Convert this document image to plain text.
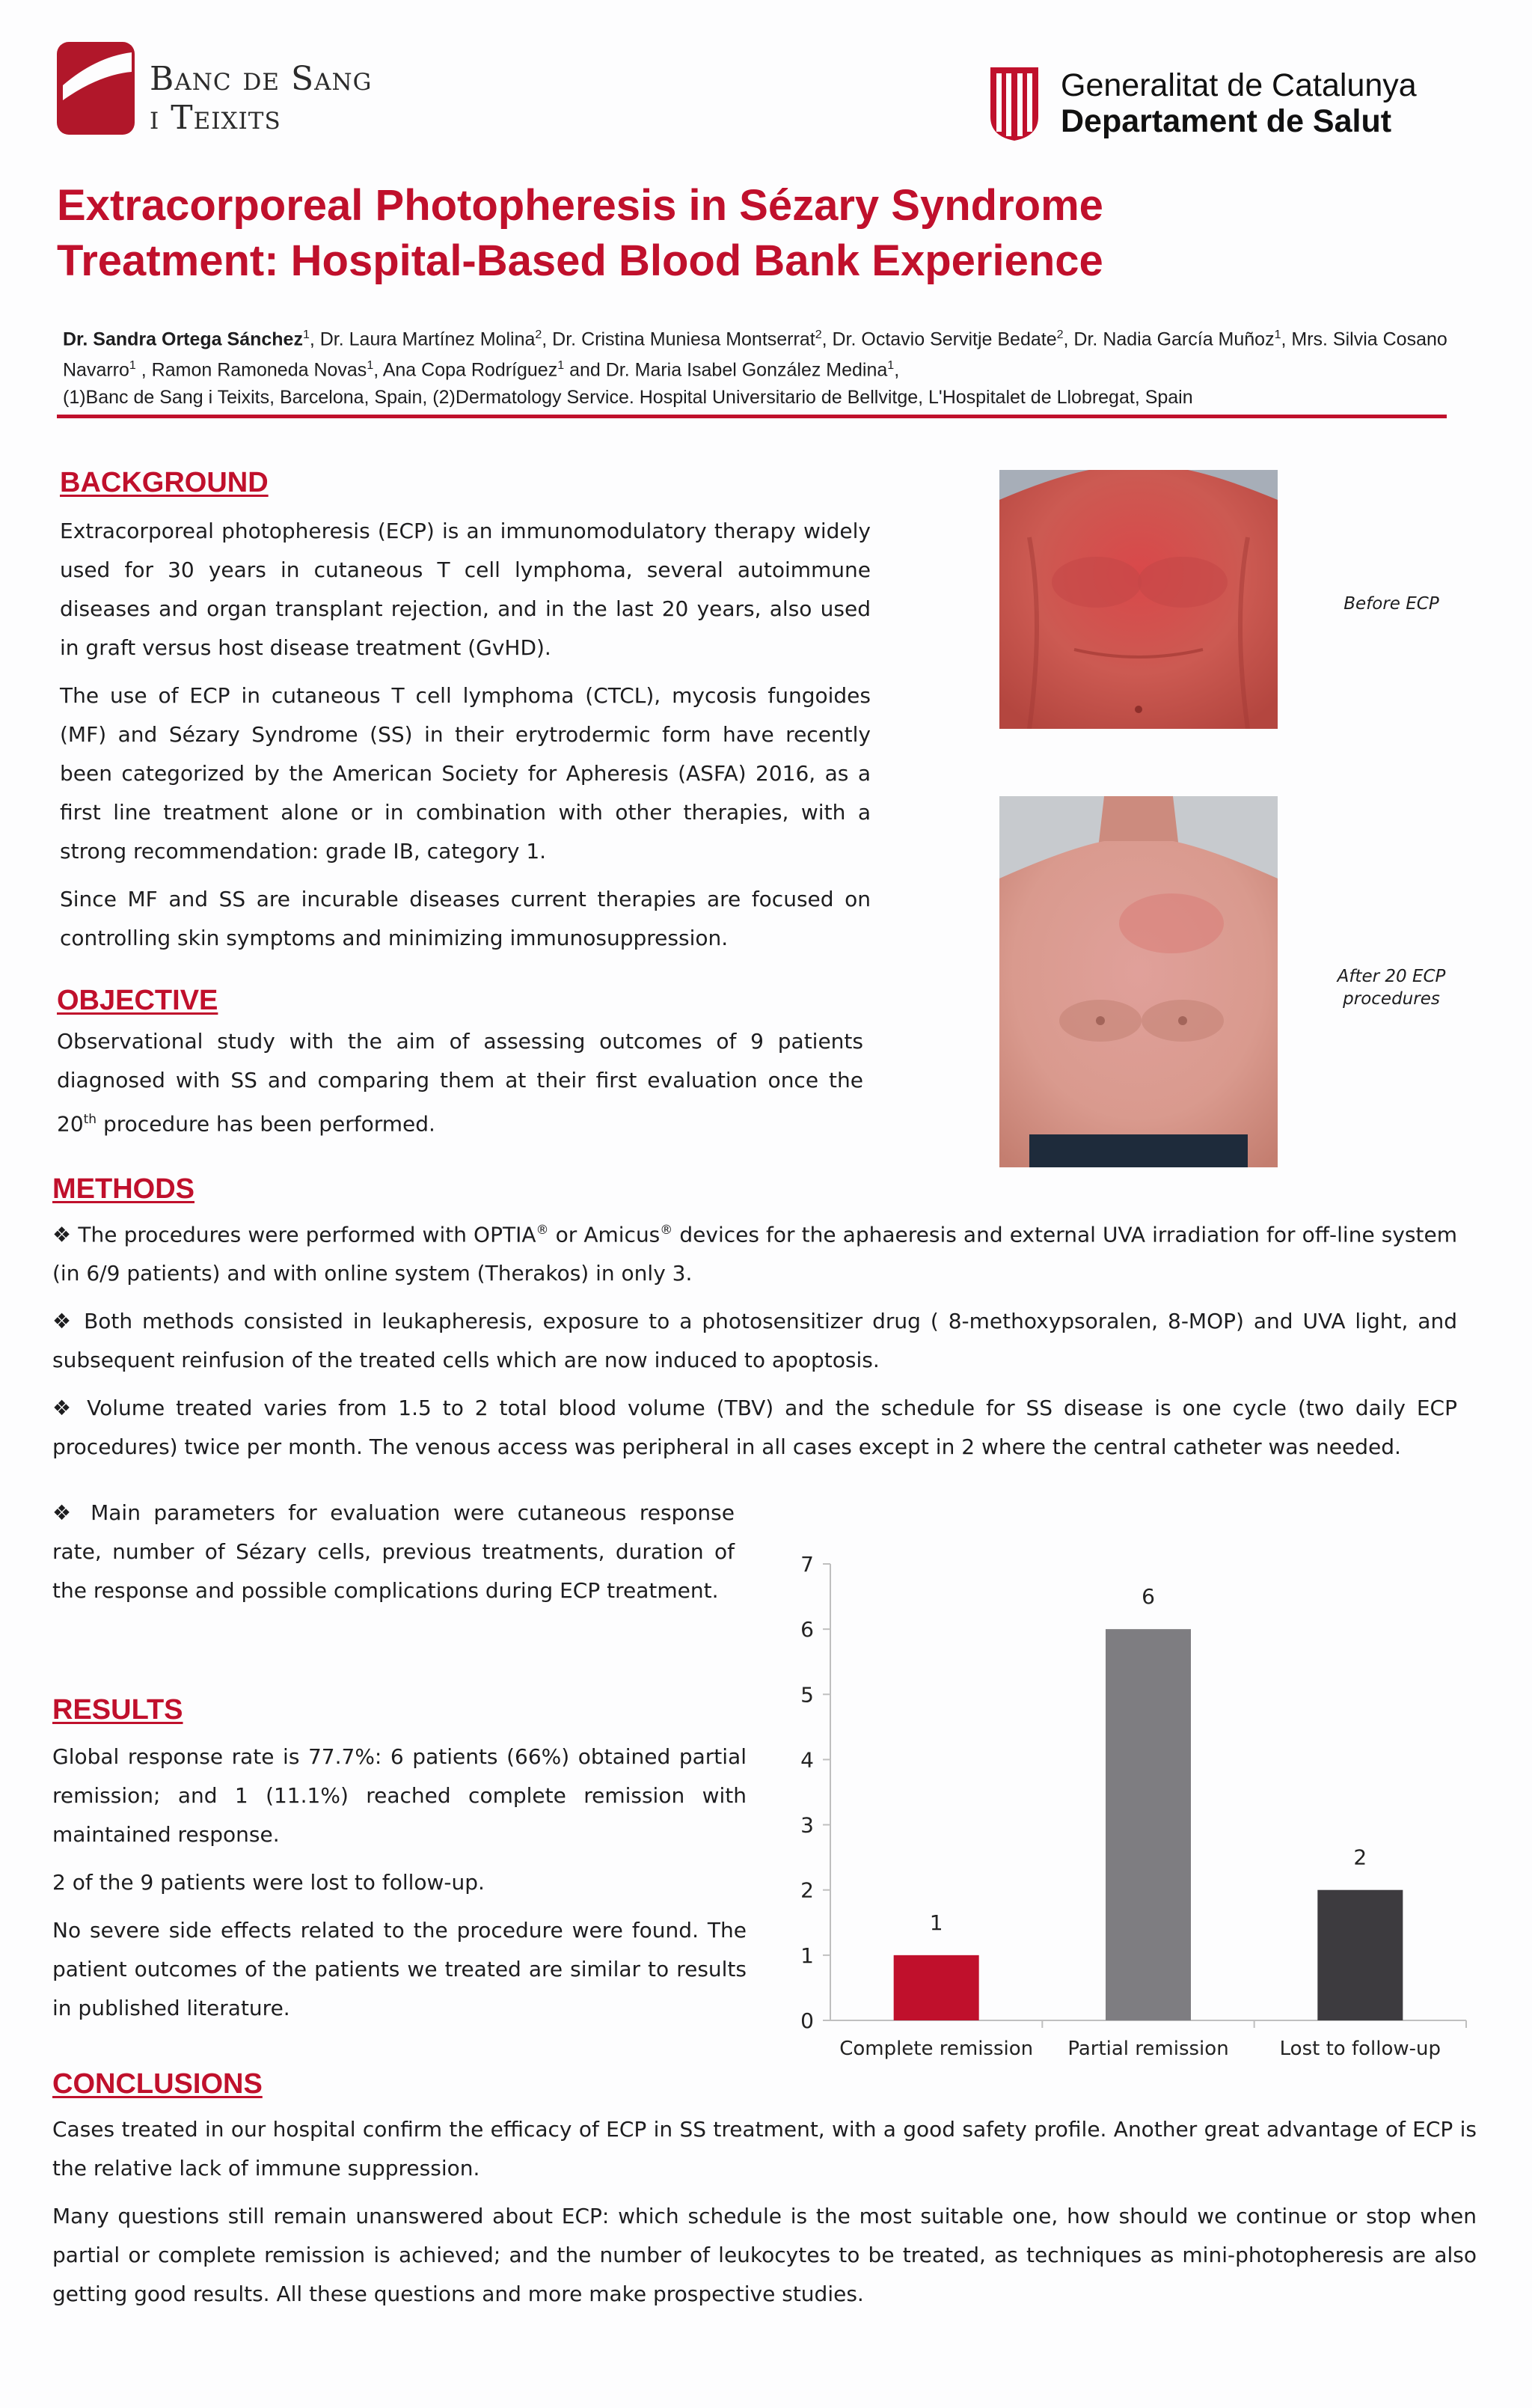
Banc de Sang
i Teixits
Generalitat de Catalunya
Departament de Salut
Extracorporeal Photopheresis in Sézary Syndrome
Treatment: Hospital-Based Blood Bank Experience
Dr. Sandra Ortega Sánchez$^1$, Dr. Laura Martínez Molina$^2$, Dr. Cristina Muniesa Montserrat$^2$, Dr. Octavio Servitje Bedate$^2$, Dr. Nadia García Muñoz$^1$, Mrs. Silvia Cosano Navarro$^1$ , Ramon Ramoneda Novas$^1$, Ana Copa Rodríguez$^1$ and Dr. Maria Isabel González Medina$^1$,
(1)Banc de Sang i Teixits, Barcelona, Spain, (2)Dermatology Service. Hospital Universitario de Bellvitge, L'Hospitalet de Llobregat, Spain
BACKGROUND

Extracorporeal photopheresis (ECP) is an immunomodulatory therapy widely used for 30 years in cutaneous T cell lymphoma, several autoimmune diseases and organ transplant rejection, and in the last 20 years, also used in graft versus host disease treatment (GvHD).

The use of ECP in cutaneous T cell lymphoma (CTCL), mycosis fungoides (MF) and Sézary Syndrome (SS) in their erytrodermic form have recently been categorized by the American Society for Apheresis (ASFA) 2016, as a first line treatment alone or in combination with other therapies, with a strong recommendation: grade IB, category 1.

Since MF and SS are incurable diseases current therapies are focused on controlling skin symptoms and minimizing immunosuppression.

OBJECTIVE

Observational study with the aim of assessing outcomes of 9 patients diagnosed with SS and comparing them at their first evaluation once the 20th procedure has been performed.

Before ECP
After 20 ECP
procedures
METHODS

❖ The procedures were performed with OPTIA® or Amicus® devices for the aphaeresis and external UVA irradiation for off-line system (in 6/9 patients) and with online system (Therakos) in only 3.

❖ Both methods consisted in leukapheresis, exposure to a photosensitizer drug ( 8-methoxypsoralen, 8-MOP) and UVA light, and subsequent reinfusion of the treated cells which are now induced to apoptosis.

❖ Volume treated varies from 1.5 to 2 total blood volume (TBV) and the schedule for SS disease is one cycle (two daily ECP procedures) twice per month. The venous access was peripheral in all cases except in 2 where the central catheter was needed.

❖ Main parameters for evaluation were cutaneous response rate, number of Sézary cells, previous treatments, duration of the response and possible complications during ECP treatment.

RESULTS

Global response rate is 77.7%: 6 patients (66%) obtained partial remission; and 1 (11.1%) reached complete remission with maintained response.

2 of the 9 patients were lost to follow-up.

No severe side effects related to the procedure were found. The patient outcomes of the patients we treated are similar to results in published literature.

0
1
2
3
4
5
6
7
1
Complete remission
6
Partial remission
2
Lost to follow-up
CONCLUSIONS

Cases treated in our hospital confirm the efficacy of ECP in SS treatment, with a good safety profile. Another great advantage of ECP is the relative lack of immune suppression.

Many questions still remain unanswered about ECP: which schedule is the most suitable one, how should we continue or stop when partial or complete remission is achieved; and the number of leukocytes to be treated, as techniques as mini-photopheresis are also getting good results. All these questions and more make prospective studies.
